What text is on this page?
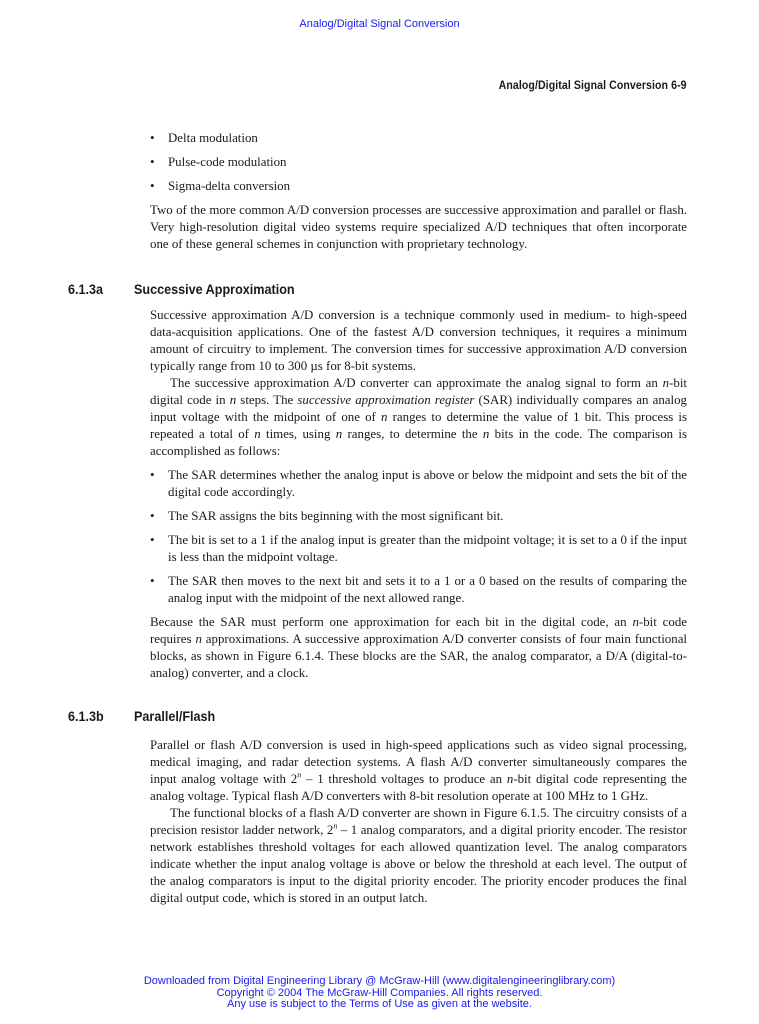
Analog/Digital Signal Conversion
Analog/Digital Signal Conversion 6-9
• Delta modulation
• Pulse-code modulation
• Sigma-delta conversion

Two of the more common A/D conversion processes are successive approximation and parallel or flash. Very high-resolution digital video systems require specialized A/D techniques that often incorporate one of these general schemes in conjunction with proprietary technology.

6.1.3a Successive Approximation

Successive approximation A/D conversion is a technique commonly used in medium- to high-speed data-acquisition applications. One of the fastest A/D conversion techniques, it requires a minimum amount of circuitry to implement. The conversion times for successive approximation A/D conversion typically range from 10 to 300 µs for 8-bit systems.

The successive approximation A/D converter can approximate the analog signal to form an n-bit digital code in n steps. The successive approximation register (SAR) individually compares an analog input voltage with the midpoint of one of n ranges to determine the value of 1 bit. This process is repeated a total of n times, using n ranges, to determine the n bits in the code. The comparison is accomplished as follows:

• The SAR determines whether the analog input is above or below the midpoint and sets the bit of the digital code accordingly.

• The SAR assigns the bits beginning with the most significant bit.

• The bit is set to a 1 if the analog input is greater than the midpoint voltage; it is set to a 0 if the input is less than the midpoint voltage.

• The SAR then moves to the next bit and sets it to a 1 or a 0 based on the results of comparing the analog input with the midpoint of the next allowed range.

Because the SAR must perform one approximation for each bit in the digital code, an n-bit code requires n approximations. A successive approximation A/D converter consists of four main functional blocks, as shown in Figure 6.1.4. These blocks are the SAR, the analog comparator, a D/A (digital-to-analog) converter, and a clock.

6.1.3b Parallel/Flash

Parallel or flash A/D conversion is used in high-speed applications such as video signal processing, medical imaging, and radar detection systems. A flash A/D converter simultaneously compares the input analog voltage with 2$^n$ – 1 threshold voltages to produce an n-bit digital code representing the analog voltage. Typical flash A/D converters with 8-bit resolution operate at 100 MHz to 1 GHz.

The functional blocks of a flash A/D converter are shown in Figure 6.1.5. The circuitry consists of a precision resistor ladder network, 2$^n$ – 1 analog comparators, and a digital priority encoder. The resistor network establishes threshold voltages for each allowed quantization level. The analog comparators indicate whether the input analog voltage is above or below the threshold at each level. The output of the analog comparators is input to the digital priority encoder. The priority encoder produces the final digital output code, which is stored in an output latch.

Downloaded from Digital Engineering Library @ McGraw-Hill (www.digitalengineeringlibrary.com)
Copyright © 2004 The McGraw-Hill Companies. All rights reserved.
Any use is subject to the Terms of Use as given at the website.
